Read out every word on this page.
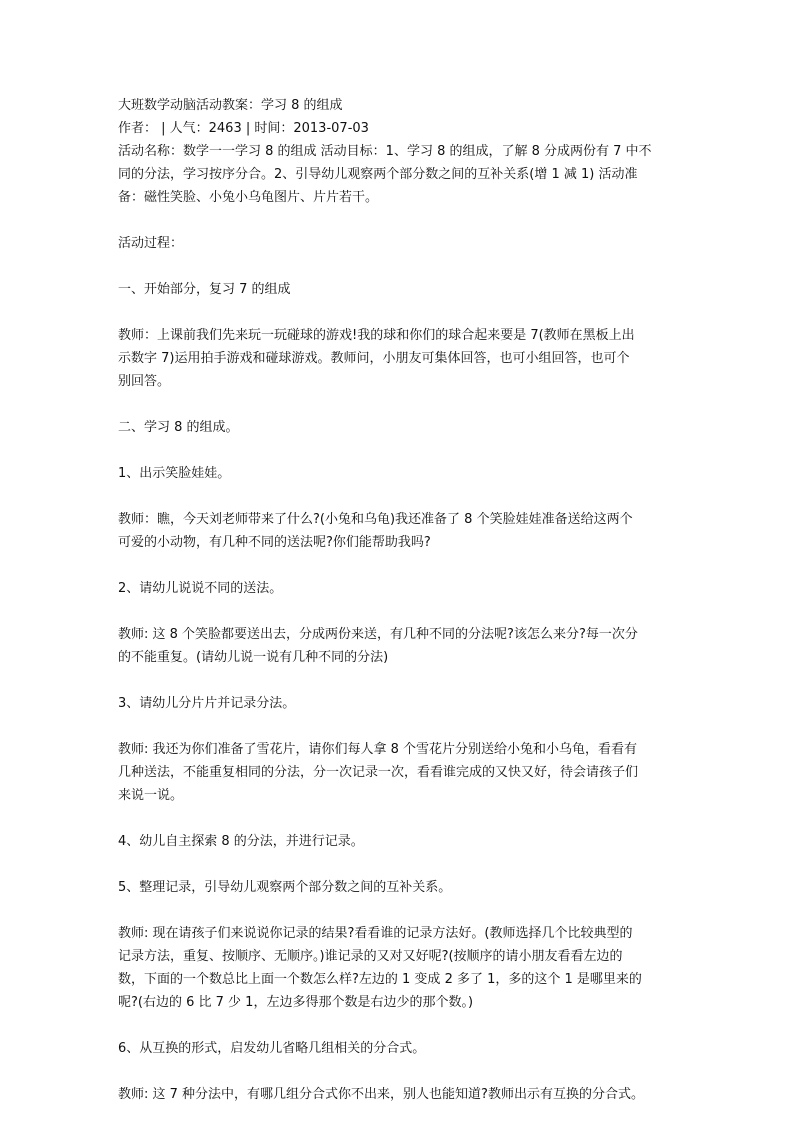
大班数学动脑活动教案：学习 8 的组成
作者： | 人气：2463 | 时间：2013-07-03

活动名称：数学一一学习 8 的组成 活动目标：1、学习 8 的组成，了解 8 分成两份有 7 中不
同的分法，学习按序分合。2、引导幼儿观察两个部分数之间的互补关系(增 1 减 1) 活动准
备：磁性笑脸、小兔小乌龟图片、片片若干。

活动过程：
一、开始部分，复习 7 的组成

教师：上课前我们先来玩一玩碰球的游戏!我的球和你们的球合起来要是 7(教师在黑板上出
示数字 7)运用拍手游戏和碰球游戏。教师问，小朋友可集体回答，也可小组回答，也可个
别回答。

二、学习 8 的组成。
1、出示笑脸娃娃。

教师：瞧，今天刘老师带来了什么?(小兔和乌龟)我还准备了 8 个笑脸娃娃准备送给这两个
可爱的小动物，有几种不同的送法呢?你们能帮助我吗?

2、请幼儿说说不同的送法。

教师: 这 8 个笑脸都要送出去，分成两份来送，有几种不同的分法呢?该怎么来分?每一次分
的不能重复。(请幼儿说一说有几种不同的分法)

3、请幼儿分片片并记录分法。

教师: 我还为你们准备了雪花片，请你们每人拿 8 个雪花片分别送给小兔和小乌龟，看看有
几种送法，不能重复相同的分法，分一次记录一次，看看谁完成的又快又好，待会请孩子们
来说一说。

4、幼儿自主探索 8 的分法，并进行记录。
5、整理记录，引导幼儿观察两个部分数之间的互补关系。

教师: 现在请孩子们来说说你记录的结果?看看谁的记录方法好。(教师选择几个比较典型的
记录方法，重复、按顺序、无顺序。)谁记录的又对又好呢?(按顺序的请小朋友看看左边的
数，下面的一个数总比上面一个数怎么样?左边的 1 变成 2 多了 1，多的这个 1 是哪里来的
呢?(右边的 6 比 7 少 1，左边多得那个数是右边少的那个数。)

6、从互换的形式，启发幼儿省略几组相关的分合式。

教师: 这 7 种分法中，有哪几组分合式你不出来，别人也能知道?教师出示有互换的分合式。
